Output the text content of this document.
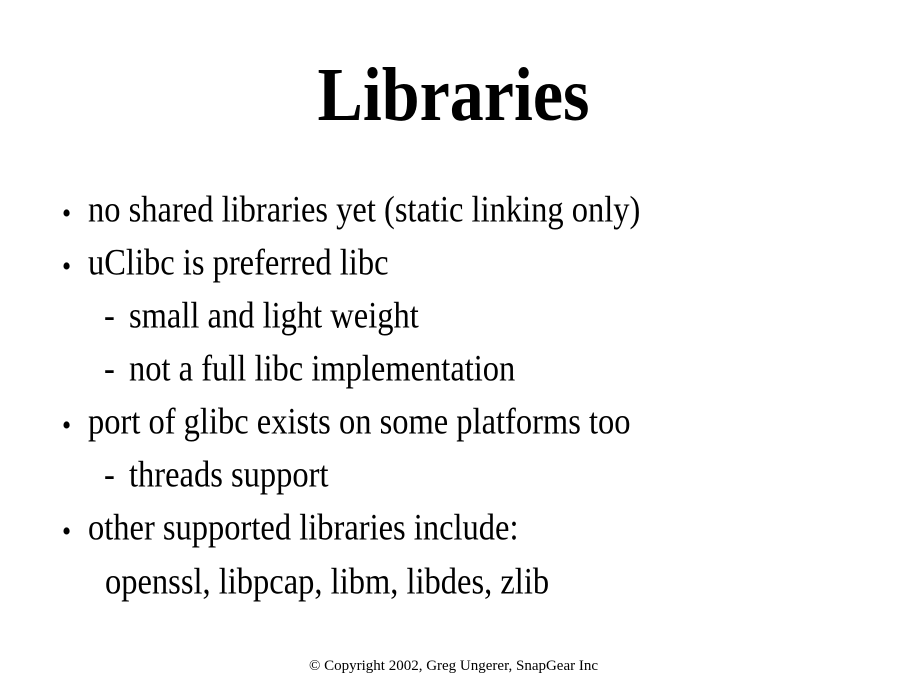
Libraries
• no shared libraries yet (static linking only)
• uClibc is preferred libc
- small and light weight
- not a full libc implementation
• port of glibc exists on some platforms too
- threads support
• other supported libraries include:
openssl, libpcap, libm, libdes, zlib
© Copyright 2002, Greg Ungerer, SnapGear Inc
